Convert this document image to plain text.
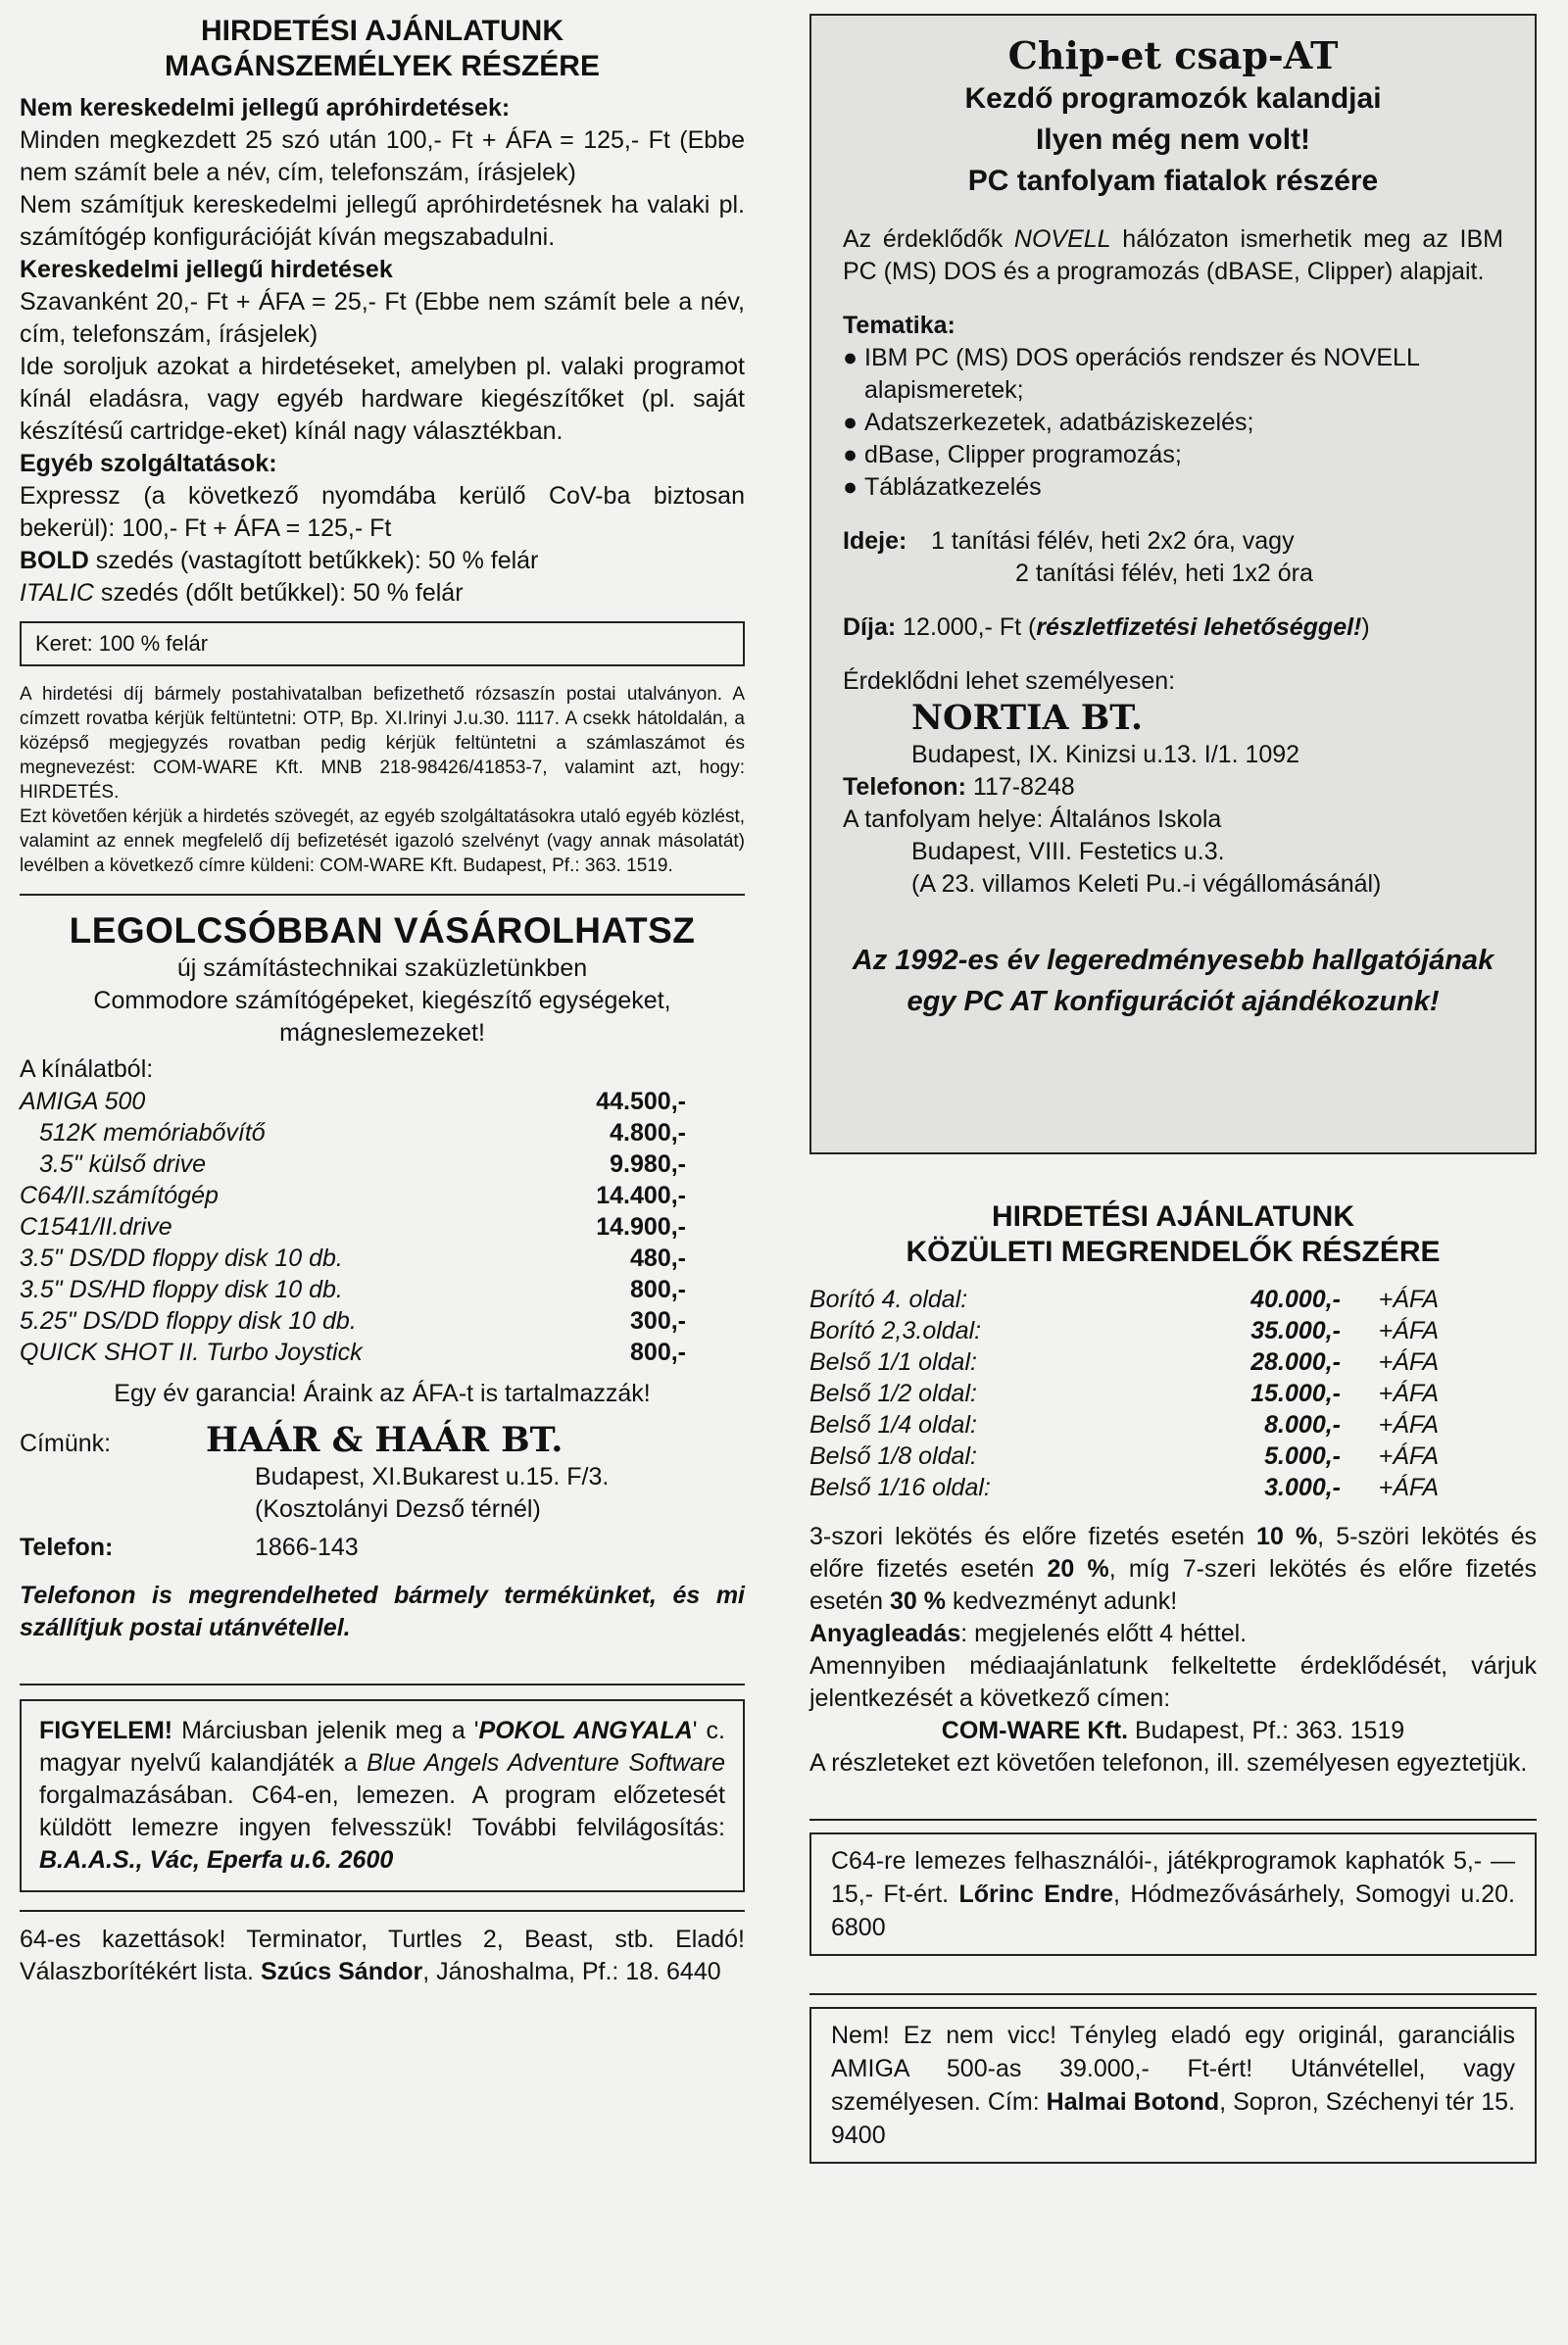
HIRDETÉSI AJÁNLATUNK
MAGÁNSZEMÉLYEK RÉSZÉRE

Nem kereskedelmi jellegű apróhirdetések:

Minden megkezdett 25 szó után 100,- Ft + ÁFA = 125,- Ft (Ebbe nem számít bele a név, cím, telefonszám, írásjelek)

Nem számítjuk kereskedelmi jellegű apróhirdetésnek ha valaki pl. számítógép konfigurációját kíván megszabadulni.

Kereskedelmi jellegű hirdetések

Szavanként 20,- Ft + ÁFA = 25,- Ft (Ebbe nem számít bele a név, cím, telefonszám, írásjelek)

Ide soroljuk azokat a hirdetéseket, amelyben pl. valaki programot kínál eladásra, vagy egyéb hardware kiegészítőket (pl. saját készítésű cartridge-eket) kínál nagy választékban.

Egyéb szolgáltatások:

Expressz (a következő nyomdába kerülő CoV-ba biztosan bekerül): 100,- Ft + ÁFA = 125,- Ft

BOLD szedés (vastagított betűkkek): 50 % felár

ITALIC szedés (dőlt betűkkel): 50 % felár

Keret: 100 % felár

A hirdetési díj bármely postahivatalban befizethető rózsaszín postai utalványon. A címzett rovatba kérjük feltüntetni: OTP, Bp. XI.Irinyi J.u.30. 1117. A csekk hátoldalán, a középső megjegyzés rovatban pedig kérjük feltüntetni a számlaszámot és megnevezést: COM-WARE Kft. MNB 218-98426/41853-7, valamint azt, hogy: HIRDETÉS.

Ezt követően kérjük a hirdetés szövegét, az egyéb szolgáltatásokra utaló egyéb közlést, valamint az ennek megfelelő díj befizetését igazoló szelvényt (vagy annak másolatát) levélben a következő címre küldeni: COM-WARE Kft. Budapest, Pf.: 363. 1519.

LEGOLCSÓBBAN VÁSÁROLHATSZ

új számítástechnikai szaküzletünkben

Commodore számítógépeket, kiegészítő egységeket,

mágneslemezeket!

A kínálatból:

AMIGA 500	44.500,-
512K memóriabővítő	4.800,-
3.5" külső drive	9.980,-
C64/II.számítógép	14.400,-
C1541/II.drive	14.900,-
3.5" DS/DD floppy disk 10 db.	480,-
3.5" DS/HD floppy disk 10 db.	800,-
5.25" DS/DD floppy disk 10 db.	300,-
QUICK SHOT II. Turbo Joystick	800,-

Egy év garancia! Áraink az ÁFA-t is tartalmazzák!

Címünk:	HAÁR & HAÁR BT.

Budapest, XI.Bukarest u.15. F/3.

(Kosztolányi Dezső térnél)

Telefon:	1866-143

Telefonon is megrendelheted bármely termékünket, és mi szállítjuk postai utánvétellel.

FIGYELEM! Márciusban jelenik meg a 'POKOL ANGYALA' c. magyar nyelvű kalandjáték a Blue Angels Adventure Software forgalmazásában. C64-en, lemezen. A program előzetesét küldött lemezre ingyen felvesszük! További felvilágosítás: B.A.A.S., Vác, Eperfa u.6. 2600

64-es kazettások! Terminator, Turtles 2, Beast, stb. Eladó! Válaszborítékért lista. Szúcs Sándor, Jánoshalma, Pf.: 18. 6440

Chip-et csap-AT
Kezdő programozók kalandjai
Ilyen még nem volt!
PC tanfolyam fiatalok részére

Az érdeklődők NOVELL hálózaton ismerhetik meg az IBM PC (MS) DOS és a programozás (dBASE, Clipper) alapjait.

Tematika:

● IBM PC (MS) DOS operációs rendszer és NOVELL alapismeretek;
● Adatszerkezetek, adatbáziskezelés;
● dBase, Clipper programozás;
● Táblázatkezelés
Ideje: 1 tanítási félév, heti 2x2 óra, vagy

2 tanítási félév, heti 1x2 óra

Díja: 12.000,- Ft (részletfizetési lehetőséggel!)

Érdeklődni lehet személyesen:

NORTIA BT.

Budapest, IX. Kinizsi u.13. I/1. 1092

Telefonon: 117-8248

A tanfolyam helye: Általános Iskola

Budapest, VIII. Festetics u.3.

(A 23. villamos Keleti Pu.-i végállomásánál)

Az 1992-es év legeredményesebb hallgatójának egy PC AT konfigurációt ajándékozunk!

HIRDETÉSI AJÁNLATUNK
KÖZÜLETI MEGRENDELŐK RÉSZÉRE
Borító 4. oldal:	40.000,-	+ÁFA
Borító 2,3.oldal:	35.000,-	+ÁFA
Belső 1/1 oldal:	28.000,-	+ÁFA
Belső 1/2 oldal:	15.000,-	+ÁFA
Belső 1/4 oldal:	8.000,-	+ÁFA
Belső 1/8 oldal:	5.000,-	+ÁFA
Belső 1/16 oldal:	3.000,-	+ÁFA

3-szori lekötés és előre fizetés esetén 10 %, 5-szöri lekötés és előre fizetés esetén 20 %, míg 7-szeri lekötés és előre fizetés esetén 30 % kedvezményt adunk!

Anyagleadás: megjelenés előtt 4 héttel.

Amennyiben médiaajánlatunk felkeltette érdeklődését, várjuk jelentkezését a következő címen:

COM-WARE Kft. Budapest, Pf.: 363. 1519

A részleteket ezt követően telefonon, ill. személyesen egyeztetjük.

C64-re lemezes felhasználói-, játékprogramok kaphatók 5,- — 15,- Ft-ért. Lőrinc Endre, Hódmezővásárhely, Somogyi u.20. 6800
Nem! Ez nem vicc! Tényleg eladó egy originál, garanciális AMIGA 500-as 39.000,- Ft-ért! Utánvétellel, vagy személyesen. Cím: Halmai Botond, Sopron, Széchenyi tér 15. 9400
